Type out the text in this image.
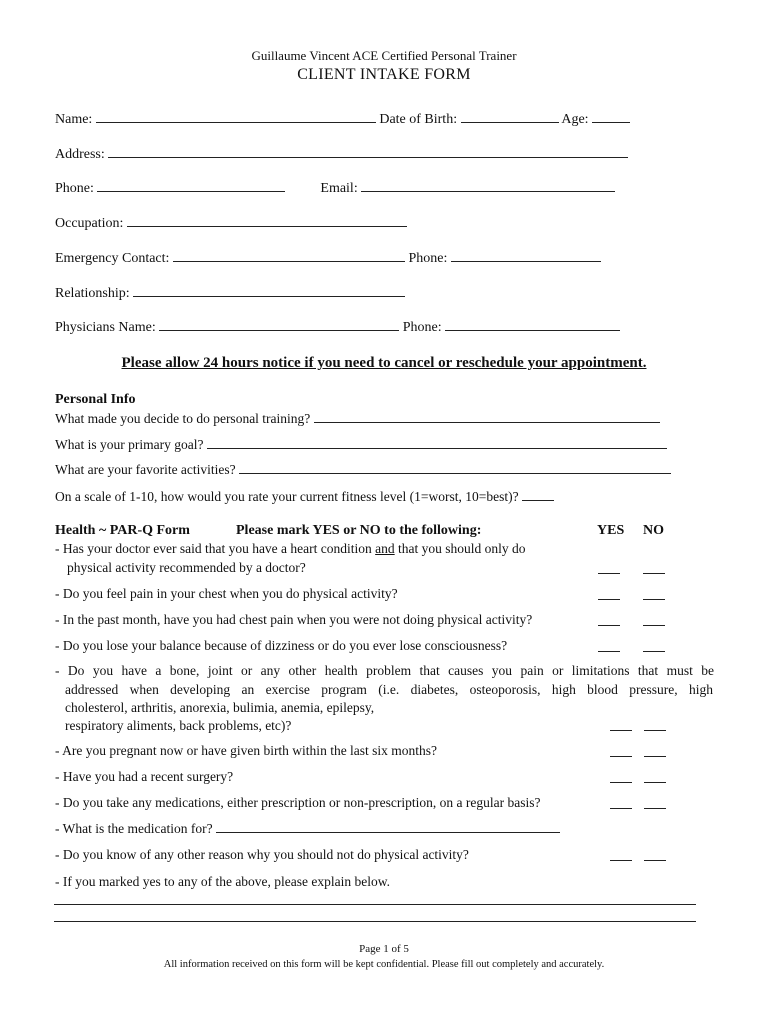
Guillaume Vincent ACE Certified Personal Trainer
CLIENT INTAKE FORM
Name:	Date of Birth:	Age:
Address:
Phone:	Email:
Occupation:
Emergency Contact:	Phone:
Relationship:
Physicians Name:	Phone:
Please allow 24 hours notice if you need to cancel or reschedule your appointment.
Personal Info
What made you decide to do personal training?
What is your primary goal?
What are your favorite activities?
On a scale of 1-10, how would you rate your current fitness level (1=worst, 10=best)?
Health ~ PAR-Q Form	Please mark YES or NO to the following:	YES NO
- Has your doctor ever said that you have a heart condition and that you should only do
physical activity recommended by a doctor?
- Do you feel pain in your chest when you do physical activity?
- In the past month, have you had chest pain when you were not doing physical activity?
- Do you lose your balance because of dizziness or do you ever lose consciousness?
- Do you have a bone, joint or any other health problem that causes you pain or limitations that must be
addressed when developing an exercise program (i.e. diabetes, osteoporosis, high blood pressure, high
cholesterol, arthritis, anorexia, bulimia, anemia, epilepsy,
respiratory aliments, back problems, etc)?
- Are you pregnant now or have given birth within the last six months?
- Have you had a recent surgery?
- Do you take any medications, either prescription or non-prescription, on a regular basis?
- What is the medication for?
- Do you know of any other reason why you should not do physical activity?
- If you marked yes to any of the above, please explain below.
Page 1 of 5
All information received on this form will be kept confidential. Please fill out completely and accurately.
